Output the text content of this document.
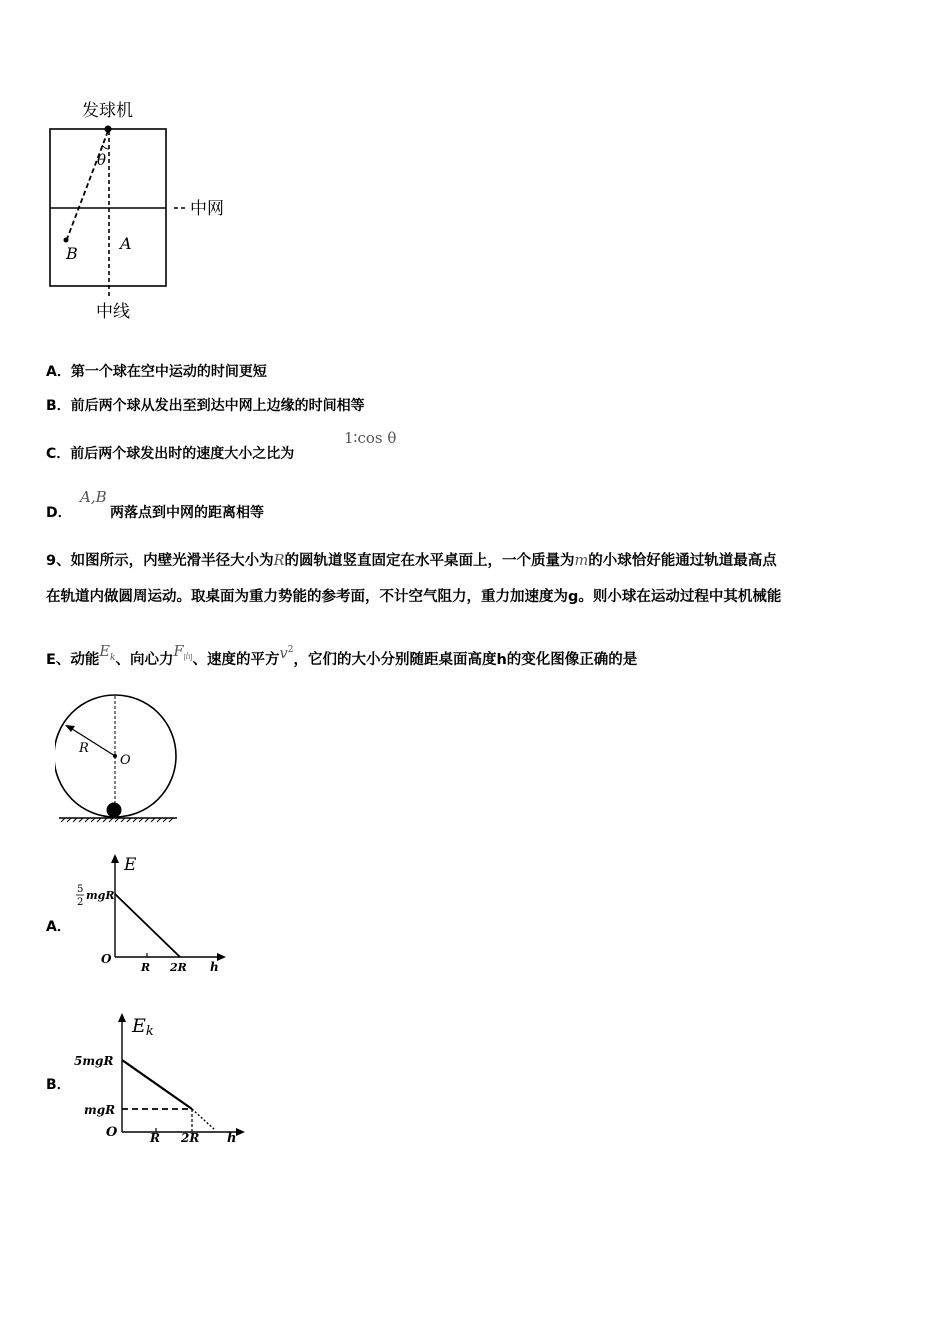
发球机
中网
θ
B
A
中线
A．第一个球在空中运动的时间更短
B．前后两个球从发出至到达中网上边缘的时间相等
C．前后两个球发出时的速度大小之比为
1∶cos θ
D．
A,B
两落点到中网的距离相等
9、如图所示，内壁光滑半径大小为R的圆轨道竖直固定在水平桌面上，一个质量为m的小球恰好能通过轨道最高点
在轨道内做圆周运动。取桌面为重力势能的参考面，不计空气阻力，重力加速度为g。则小球在运动过程中其机械能
E、动能$E_k$、向心力$F_向$、速度的平方$v^2$，它们的大小分别随距桌面高度h的变化图像正确的是
R
O
A．
E
5
2
mgR
O
R 2R h
B．
Ek
5mgR
mgR
O	R 2R h
